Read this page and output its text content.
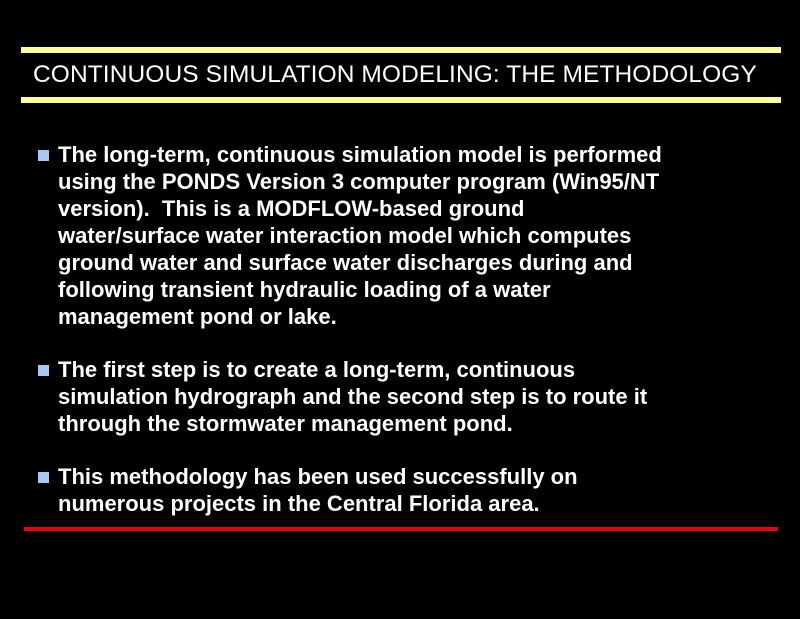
CONTINUOUS SIMULATION MODELING: THE METHODOLOGY
The long-term, continuous simulation model is performed
using the PONDS Version 3 computer program (Win95/NT
version).  This is a MODFLOW-based ground
water/surface water interaction model which computes
ground water and surface water discharges during and
following transient hydraulic loading of a water
management pond or lake.
The first step is to create a long-term, continuous
simulation hydrograph and the second step is to route it
through the stormwater management pond.
This methodology has been used successfully on
numerous projects in the Central Florida area.
